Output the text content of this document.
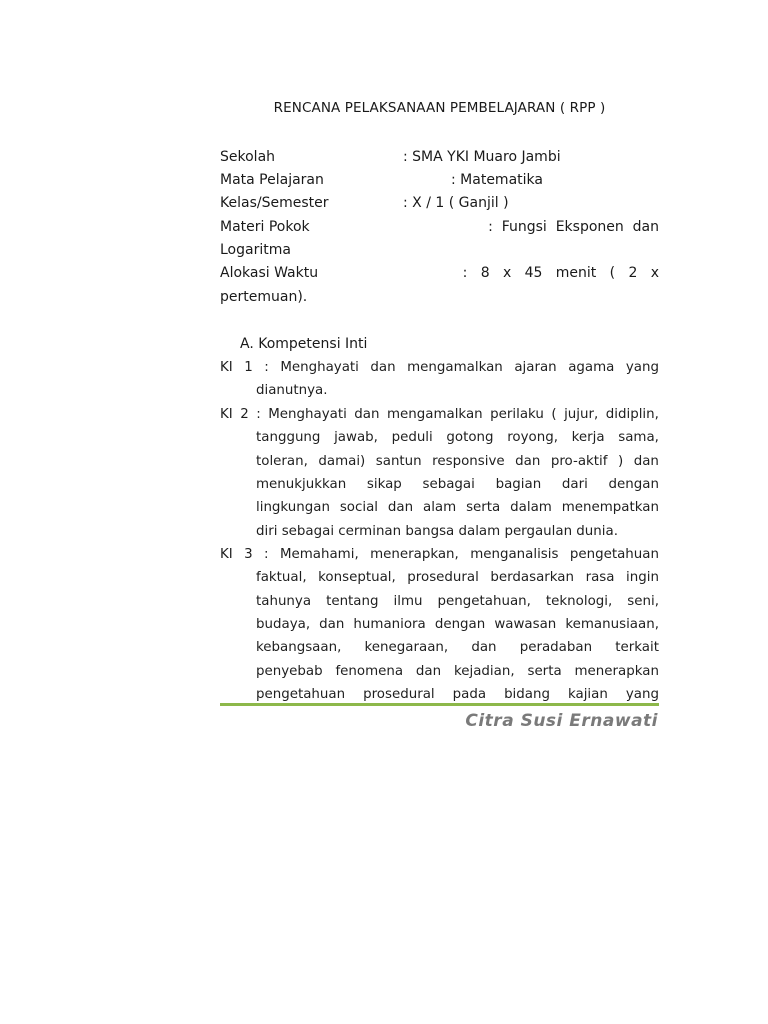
RENCANA PELAKSANAAN PEMBELAJARAN ( RPP )
Sekolah	: SMA YKI Muaro Jambi
Mata Pelajaran	: Matematika
Kelas/Semester	: X / 1 ( Ganjil )
Materi Pokok	:  Fungsi  Eksponen  dan
Logaritma
Alokasi Waktu	:   8   x   45   menit   (   2   x
pertemuan).
A. Kompetensi Inti
KI 1 : Menghayati dan mengamalkan ajaran agama yang
dianutnya.
KI 2 : Menghayati dan mengamalkan perilaku ( jujur, didiplin,
tanggung jawab, peduli gotong royong, kerja sama,
toleran, damai) santun responsive dan pro-aktif ) dan
menukjukkan sikap sebagai bagian dari dengan
lingkungan social dan alam serta dalam menempatkan
diri sebagai cerminan bangsa dalam pergaulan dunia.
KI 3 : Memahami, menerapkan, menganalisis pengetahuan
faktual, konseptual, prosedural berdasarkan rasa ingin
tahunya tentang ilmu pengetahuan, teknologi, seni,
budaya, dan humaniora dengan wawasan kemanusiaan,
kebangsaan, kenegaraan, dan peradaban terkait
penyebab fenomena dan kejadian, serta menerapkan
pengetahuan prosedural pada bidang kajian yang
Citra Susi Ernawati
